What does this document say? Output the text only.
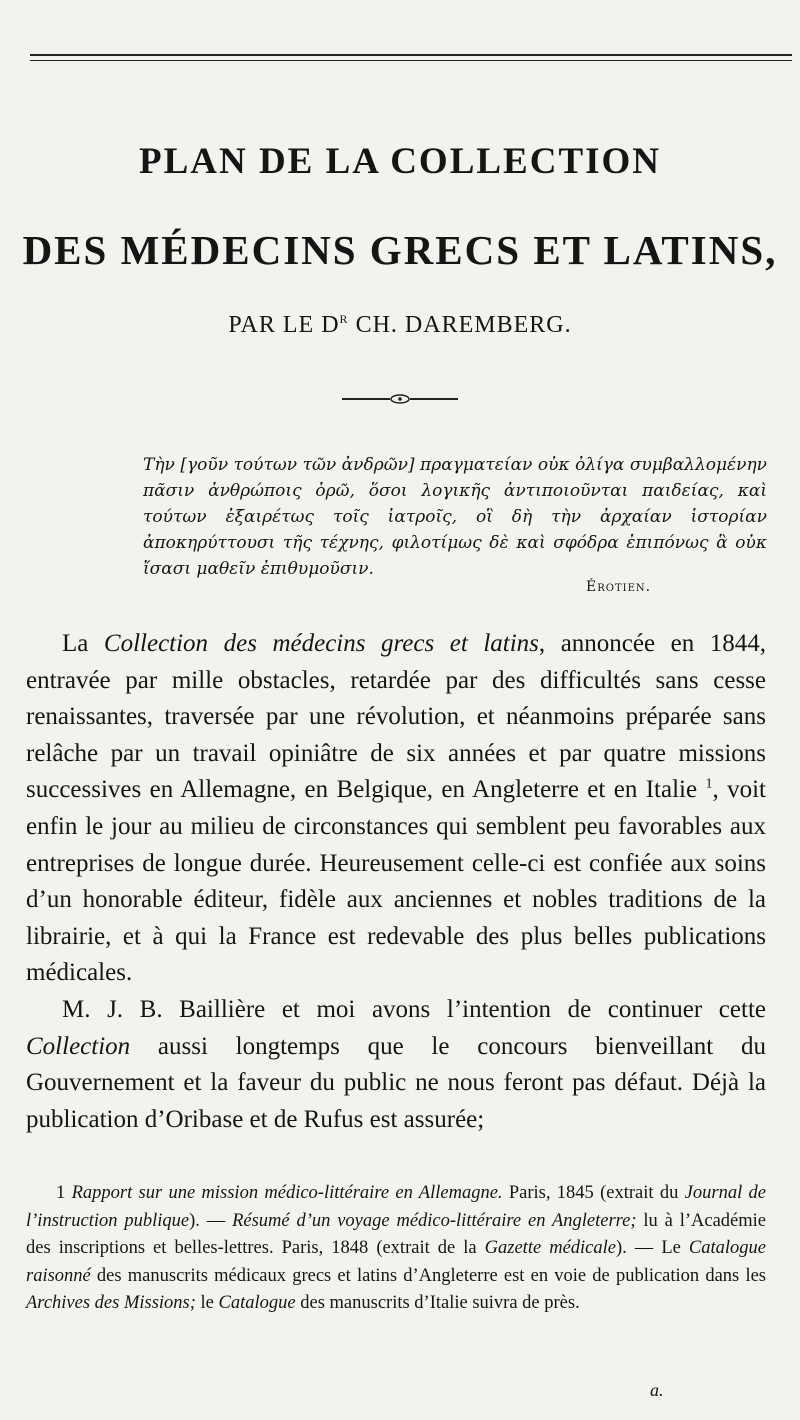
PLAN DE LA COLLECTION
DES MÉDECINS GRECS ET LATINS,
PAR LE $D^R$ CH. DAREMBERG.
Τὴν [γοῦν τούτων τῶν ἀνδρῶν] πραγματείαν οὐκ ὀλίγα συμβαλλομένην πᾶσιν ἀνθρώποις ὁρῶ, ὅσοι λογικῆς ἀντιποιοῦνται παιδείας, καὶ τούτων ἐξαιρέτως τοῖς ἰατροῖς, οἳ δὴ τὴν ἀρχαίαν ἱστορίαν ἀποκηρύττουσι τῆς τέχνης, φιλοτίμως δὲ καὶ σφόδρα ἐπιπόνως ἃ οὐκ ἴσασι μαθεῖν ἐπιθυμοῦσιν.
Érotien.

La Collection des médecins grecs et latins, annoncée en 1844, entravée par mille obstacles, retardée par des difficultés sans cesse renaissantes, traversée par une révolution, et néanmoins préparée sans relâche par un travail opiniâtre de six années et par quatre missions successives en Allemagne, en Belgique, en Angleterre et en Italie $^1$, voit enfin le jour au milieu de circonstances qui semblent peu favorables aux entreprises de longue durée. Heureusement celle-ci est confiée aux soins d’un honorable éditeur, fidèle aux anciennes et nobles traditions de la librairie, et à qui la France est redevable des plus belles publications médicales.

M. J. B. Baillière et moi avons l’intention de continuer cette Collection aussi longtemps que le concours bienveillant du Gouvernement et la faveur du public ne nous feront pas défaut. Déjà la publication d’Oribase et de Rufus est assurée;

1 Rapport sur une mission médico-littéraire en Allemagne. Paris, 1845 (extrait du Journal de l’instruction publique). — Résumé d’un voyage médico-littéraire en Angleterre; lu à l’Académie des inscriptions et belles-lettres. Paris, 1848 (extrait de la Gazette médicale). — Le Catalogue raisonné des manuscrits médicaux grecs et latins d’Angleterre est en voie de publication dans les Archives des Missions; le Catalogue des manuscrits d’Italie suivra de près.

a.
